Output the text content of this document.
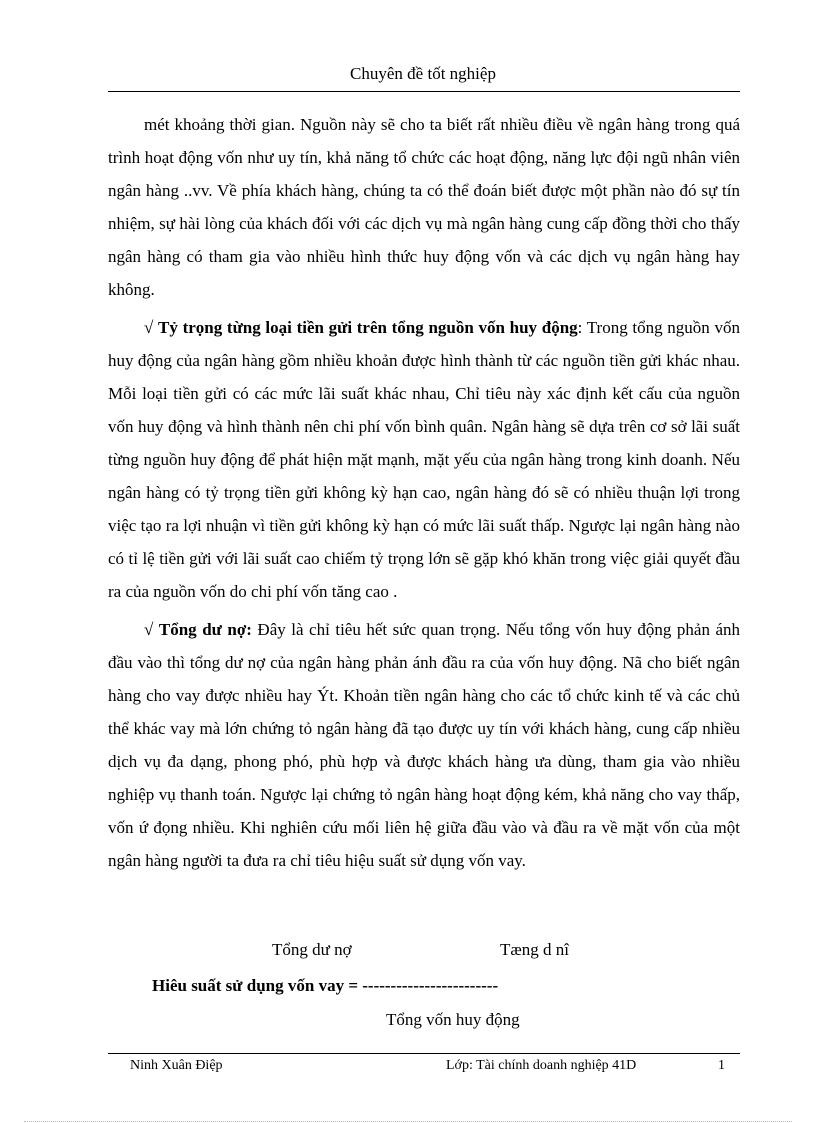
Chuyên đề tốt nghiệp

mét khoảng thời gian. Nguồn này sẽ cho ta biết rất nhiều điều về ngân hàng trong quá trình hoạt động vốn như uy tín, khả năng tổ chức các hoạt động, năng lực đội ngũ nhân viên ngân hàng ..vv. Về phía khách hàng, chúng ta có thể đoán biết được một phần nào đó sự tín nhiệm, sự hài lòng của khách đối với các dịch vụ mà ngân hàng cung cấp đồng thời cho thấy ngân hàng có tham gia vào nhiều hình thức huy động vốn và các dịch vụ ngân hàng hay không.

√ Tỷ trọng từng loại tiền gửi trên tổng nguồn vốn huy động: Trong tổng nguồn vốn huy động của ngân hàng gồm nhiều khoản được hình thành từ các nguồn tiền gửi khác nhau. Mỗi loại tiền gửi có các mức lãi suất khác nhau, Chỉ tiêu này xác định kết cấu của nguồn vốn huy động và hình thành nên chi phí vốn bình quân. Ngân hàng sẽ dựa trên cơ sở lãi suất từng nguồn huy động để phát hiện mặt mạnh, mặt yếu của ngân hàng trong kinh doanh. Nếu ngân hàng có tỷ trọng tiền gửi không kỳ hạn cao, ngân hàng đó sẽ có nhiều thuận lợi trong việc tạo ra lợi nhuận vì tiền gửi không kỳ hạn có mức lãi suất thấp. Ngược lại ngân hàng nào có tỉ lệ tiền gửi với lãi suất cao chiếm tỷ trọng lớn sẽ gặp khó khăn trong việc giải quyết đầu ra của nguồn vốn do chi phí vốn tăng cao .

√ Tổng dư nợ: Đây là chỉ tiêu hết sức quan trọng. Nếu tổng vốn huy động phản ánh đầu vào thì tổng dư nợ của ngân hàng phản ánh đầu ra của vốn huy động. Nã cho biết ngân hàng cho vay được nhiều hay Ýt. Khoản tiền ngân hàng cho các tổ chức kinh tế và các chủ thể khác vay mà lớn chứng tỏ ngân hàng đã tạo được uy tín với khách hàng, cung cấp nhiều dịch vụ đa dạng, phong phó, phù hợp và được khách hàng ưa dùng, tham gia vào nhiều nghiệp vụ thanh toán. Ngược lại chứng tỏ ngân hàng hoạt động kém, khả năng cho vay thấp, vốn ứ đọng nhiều. Khi nghiên cứu mối liên hệ giữa đầu vào và đầu ra về mặt vốn của một ngân hàng người ta đưa ra chỉ tiêu hiệu suất sử dụng vốn vay.

Tổng dư nợ	Tæng d nî
Hiêu suất sử dụng vốn vay = ------------------------
Tổng vốn huy động
Ninh Xuân Điệp	Lớp: Tài chính doanh nghiệp 41D	1
